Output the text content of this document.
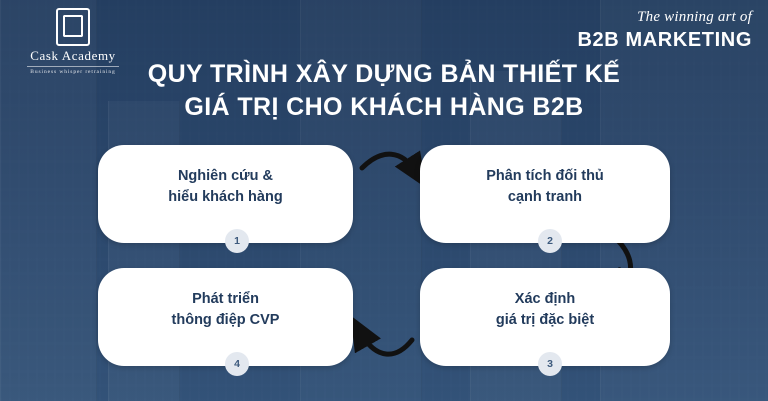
Cask Academy
Business whisper retraining
The winning art of
B2B MARKETING
QUY TRÌNH XÂY DỰNG BẢN THIẾT KẾ
GIÁ TRỊ CHO KHÁCH HÀNG B2B
Nghiên cứu &
hiểu khách hàng
1
Phân tích đối thủ
cạnh tranh
2
Xác định
giá trị đặc biệt
3
Phát triển
thông điệp CVP
4
